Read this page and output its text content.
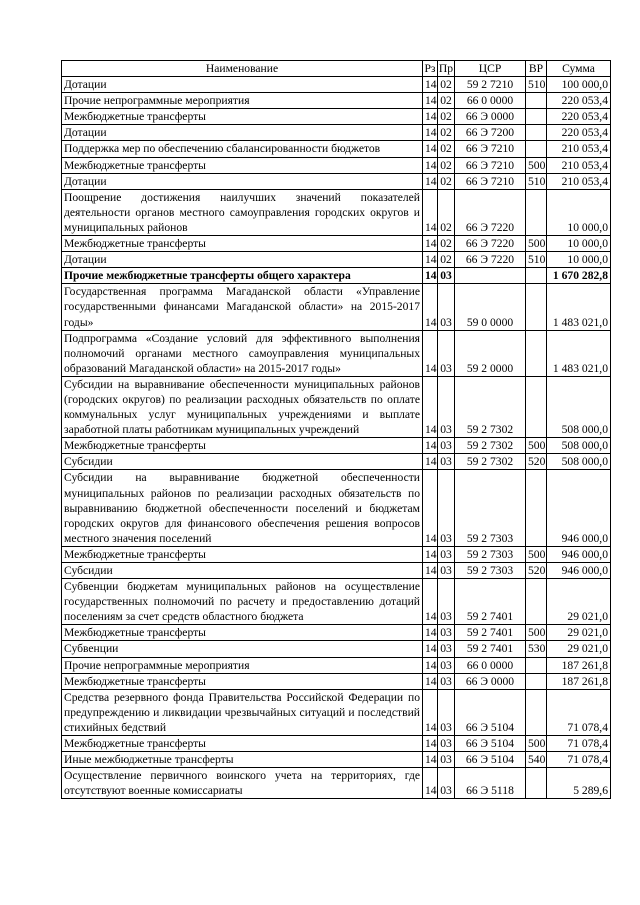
Наименование	Рз	Пр	ЦСР	ВР	Сумма
Дотации	14	02	59 2 7210	510	100 000,0
Прочие непрограммные мероприятия	14	02	66 0 0000		220 053,4
Межбюджетные трансферты	14	02	66 Э 0000		220 053,4
Дотации	14	02	66 Э 7200		220 053,4
Поддержка мер по обеспечению сбалансированности бюджетов	14	02	66 Э 7210		210 053,4
Межбюджетные трансферты	14	02	66 Э 7210	500	210 053,4
Дотации	14	02	66 Э 7210	510	210 053,4
Поощрение достижения наилучших значений показателей деятельности органов местного самоуправления городских округов и муниципальных районов	14	02	66 Э 7220		10 000,0
Межбюджетные трансферты	14	02	66 Э 7220	500	10 000,0
Дотации	14	02	66 Э 7220	510	10 000,0
Прочие межбюджетные трансферты общего характера	14	03			1 670 282,8
Государственная программа Магаданской области «Управление государственными финансами Магаданской области» на 2015-2017 годы»	14	03	59 0 0000		1 483 021,0
Подпрограмма «Создание условий для эффективного выполнения полномочий органами местного самоуправления муниципальных образований Магаданской области» на 2015-2017 годы»	14	03	59 2 0000		1 483 021,0
Субсидии на выравнивание обеспеченности муниципальных районов (городских округов) по реализации расходных обязательств по оплате коммунальных услуг муниципальных учреждениями и выплате заработной платы работникам муниципальных учреждений	14	03	59 2 7302		508 000,0
Межбюджетные трансферты	14	03	59 2 7302	500	508 000,0
Субсидии	14	03	59 2 7302	520	508 000,0
Субсидии на выравнивание бюджетной обеспеченности муниципальных районов по реализации расходных обязательств по выравниванию бюджетной обеспеченности поселений и бюджетам городских округов для финансового обеспечения решения вопросов местного значения поселений	14	03	59 2 7303		946 000,0
Межбюджетные трансферты	14	03	59 2 7303	500	946 000,0
Субсидии	14	03	59 2 7303	520	946 000,0
Субвенции бюджетам муниципальных районов на осуществление государственных полномочий по расчету и предоставлению дотаций поселениям за счет средств областного бюджета	14	03	59 2 7401		29 021,0
Межбюджетные трансферты	14	03	59 2 7401	500	29 021,0
Субвенции	14	03	59 2 7401	530	29 021,0
Прочие непрограммные мероприятия	14	03	66 0 0000		187 261,8
Межбюджетные трансферты	14	03	66 Э 0000		187 261,8
Средства резервного фонда Правительства Российской Федерации по предупреждению и ликвидации чрезвычайных ситуаций и последствий стихийных бедствий	14	03	66 Э 5104		71 078,4
Межбюджетные трансферты	14	03	66 Э 5104	500	71 078,4
Иные межбюджетные трансферты	14	03	66 Э 5104	540	71 078,4
Осуществление первичного воинского учета на территориях, где отсутствуют военные комиссариаты	14	03	66 Э 5118		5 289,6
